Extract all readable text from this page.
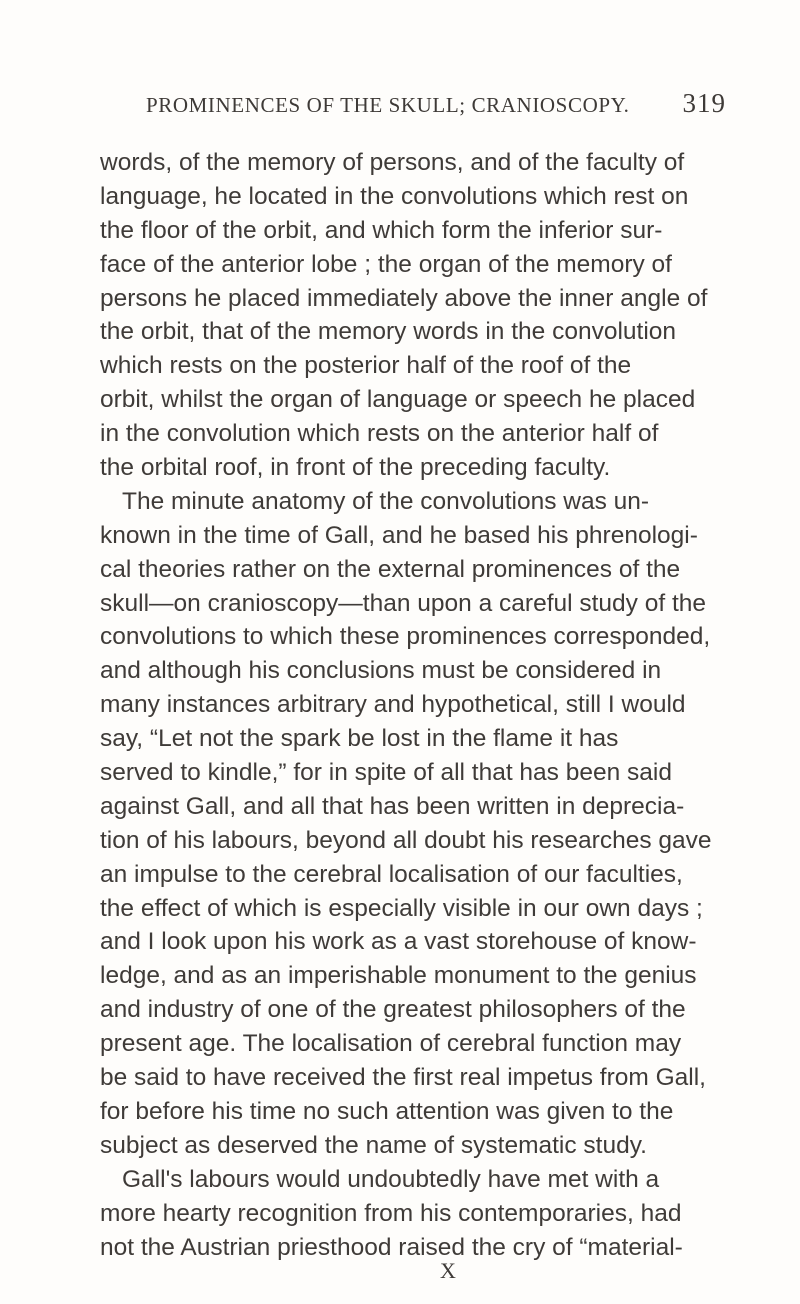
PROMINENCES OF THE SKULL; CRANIOSCOPY. 319
words, of the memory of persons, and of the faculty of
language, he located in the convolutions which rest on
the floor of the orbit, and which form the inferior sur-
face of the anterior lobe ; the organ of the memory of
persons he placed immediately above the inner angle of
the orbit, that of the memory words in the convolution
which rests on the posterior half of the roof of the
orbit, whilst the organ of language or speech he placed
in the convolution which rests on the anterior half of
the orbital roof, in front of the preceding faculty.
The minute anatomy of the convolutions was un-
known in the time of Gall, and he based his phrenologi-
cal theories rather on the external prominences of the
skull—on cranioscopy—than upon a careful study of the
convolutions to which these prominences corresponded,
and although his conclusions must be considered in
many instances arbitrary and hypothetical, still I would
say, “Let not the spark be lost in the flame it has
served to kindle,” for in spite of all that has been said
against Gall, and all that has been written in deprecia-
tion of his labours, beyond all doubt his researches gave
an impulse to the cerebral localisation of our faculties,
the effect of which is especially visible in our own days ;
and I look upon his work as a vast storehouse of know-
ledge, and as an imperishable monument to the genius
and industry of one of the greatest philosophers of the
present age. The localisation of cerebral function may
be said to have received the first real impetus from Gall,
for before his time no such attention was given to the
subject as deserved the name of systematic study.
Gall's labours would undoubtedly have met with a
more hearty recognition from his contemporaries, had
not the Austrian priesthood raised the cry of “material-
X
